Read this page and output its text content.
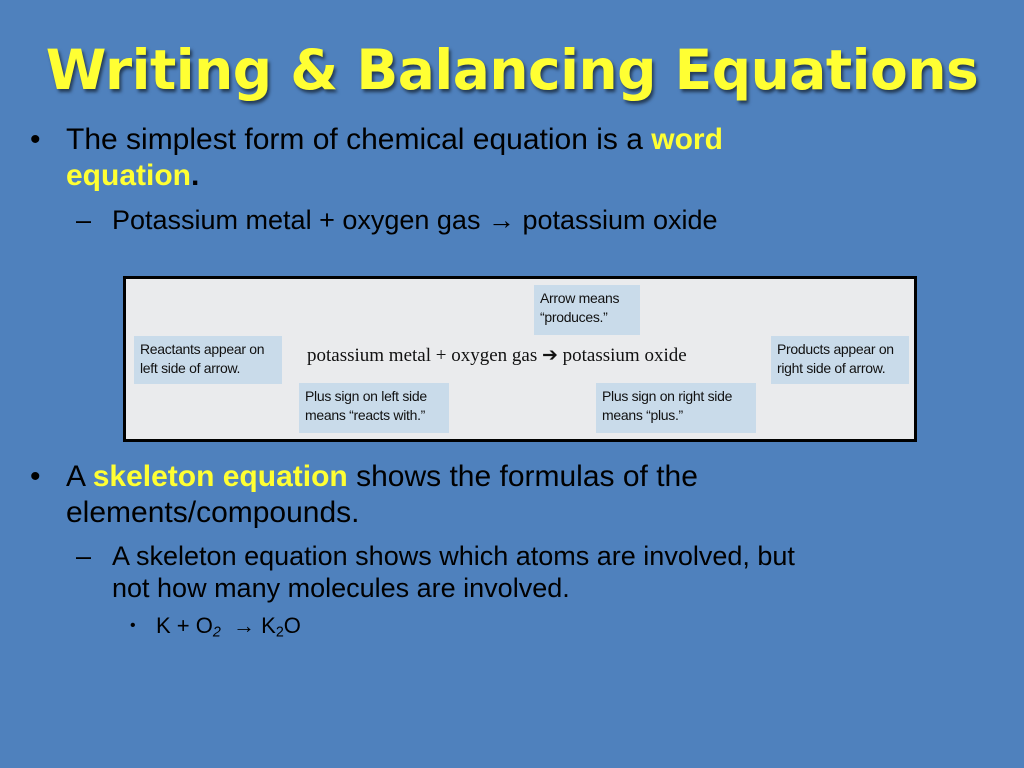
Writing & Balancing Equations
• The simplest form of chemical equation is a word
equation.
– Potassium metal + oxygen gas → potassium oxide
Arrow means
“produces.”
Reactants appear on
left side of arrow.
Products appear on
right side of arrow.
potassium metal + oxygen gas ➔ potassium oxide
Plus sign on left side
means “reacts with.”
Plus sign on right side
means “plus.”
• A skeleton equation shows the formulas of the
elements/compounds.
– A skeleton equation shows which atoms are involved, but
not how many molecules are involved.
• $K + O_2 \to K_2O$
